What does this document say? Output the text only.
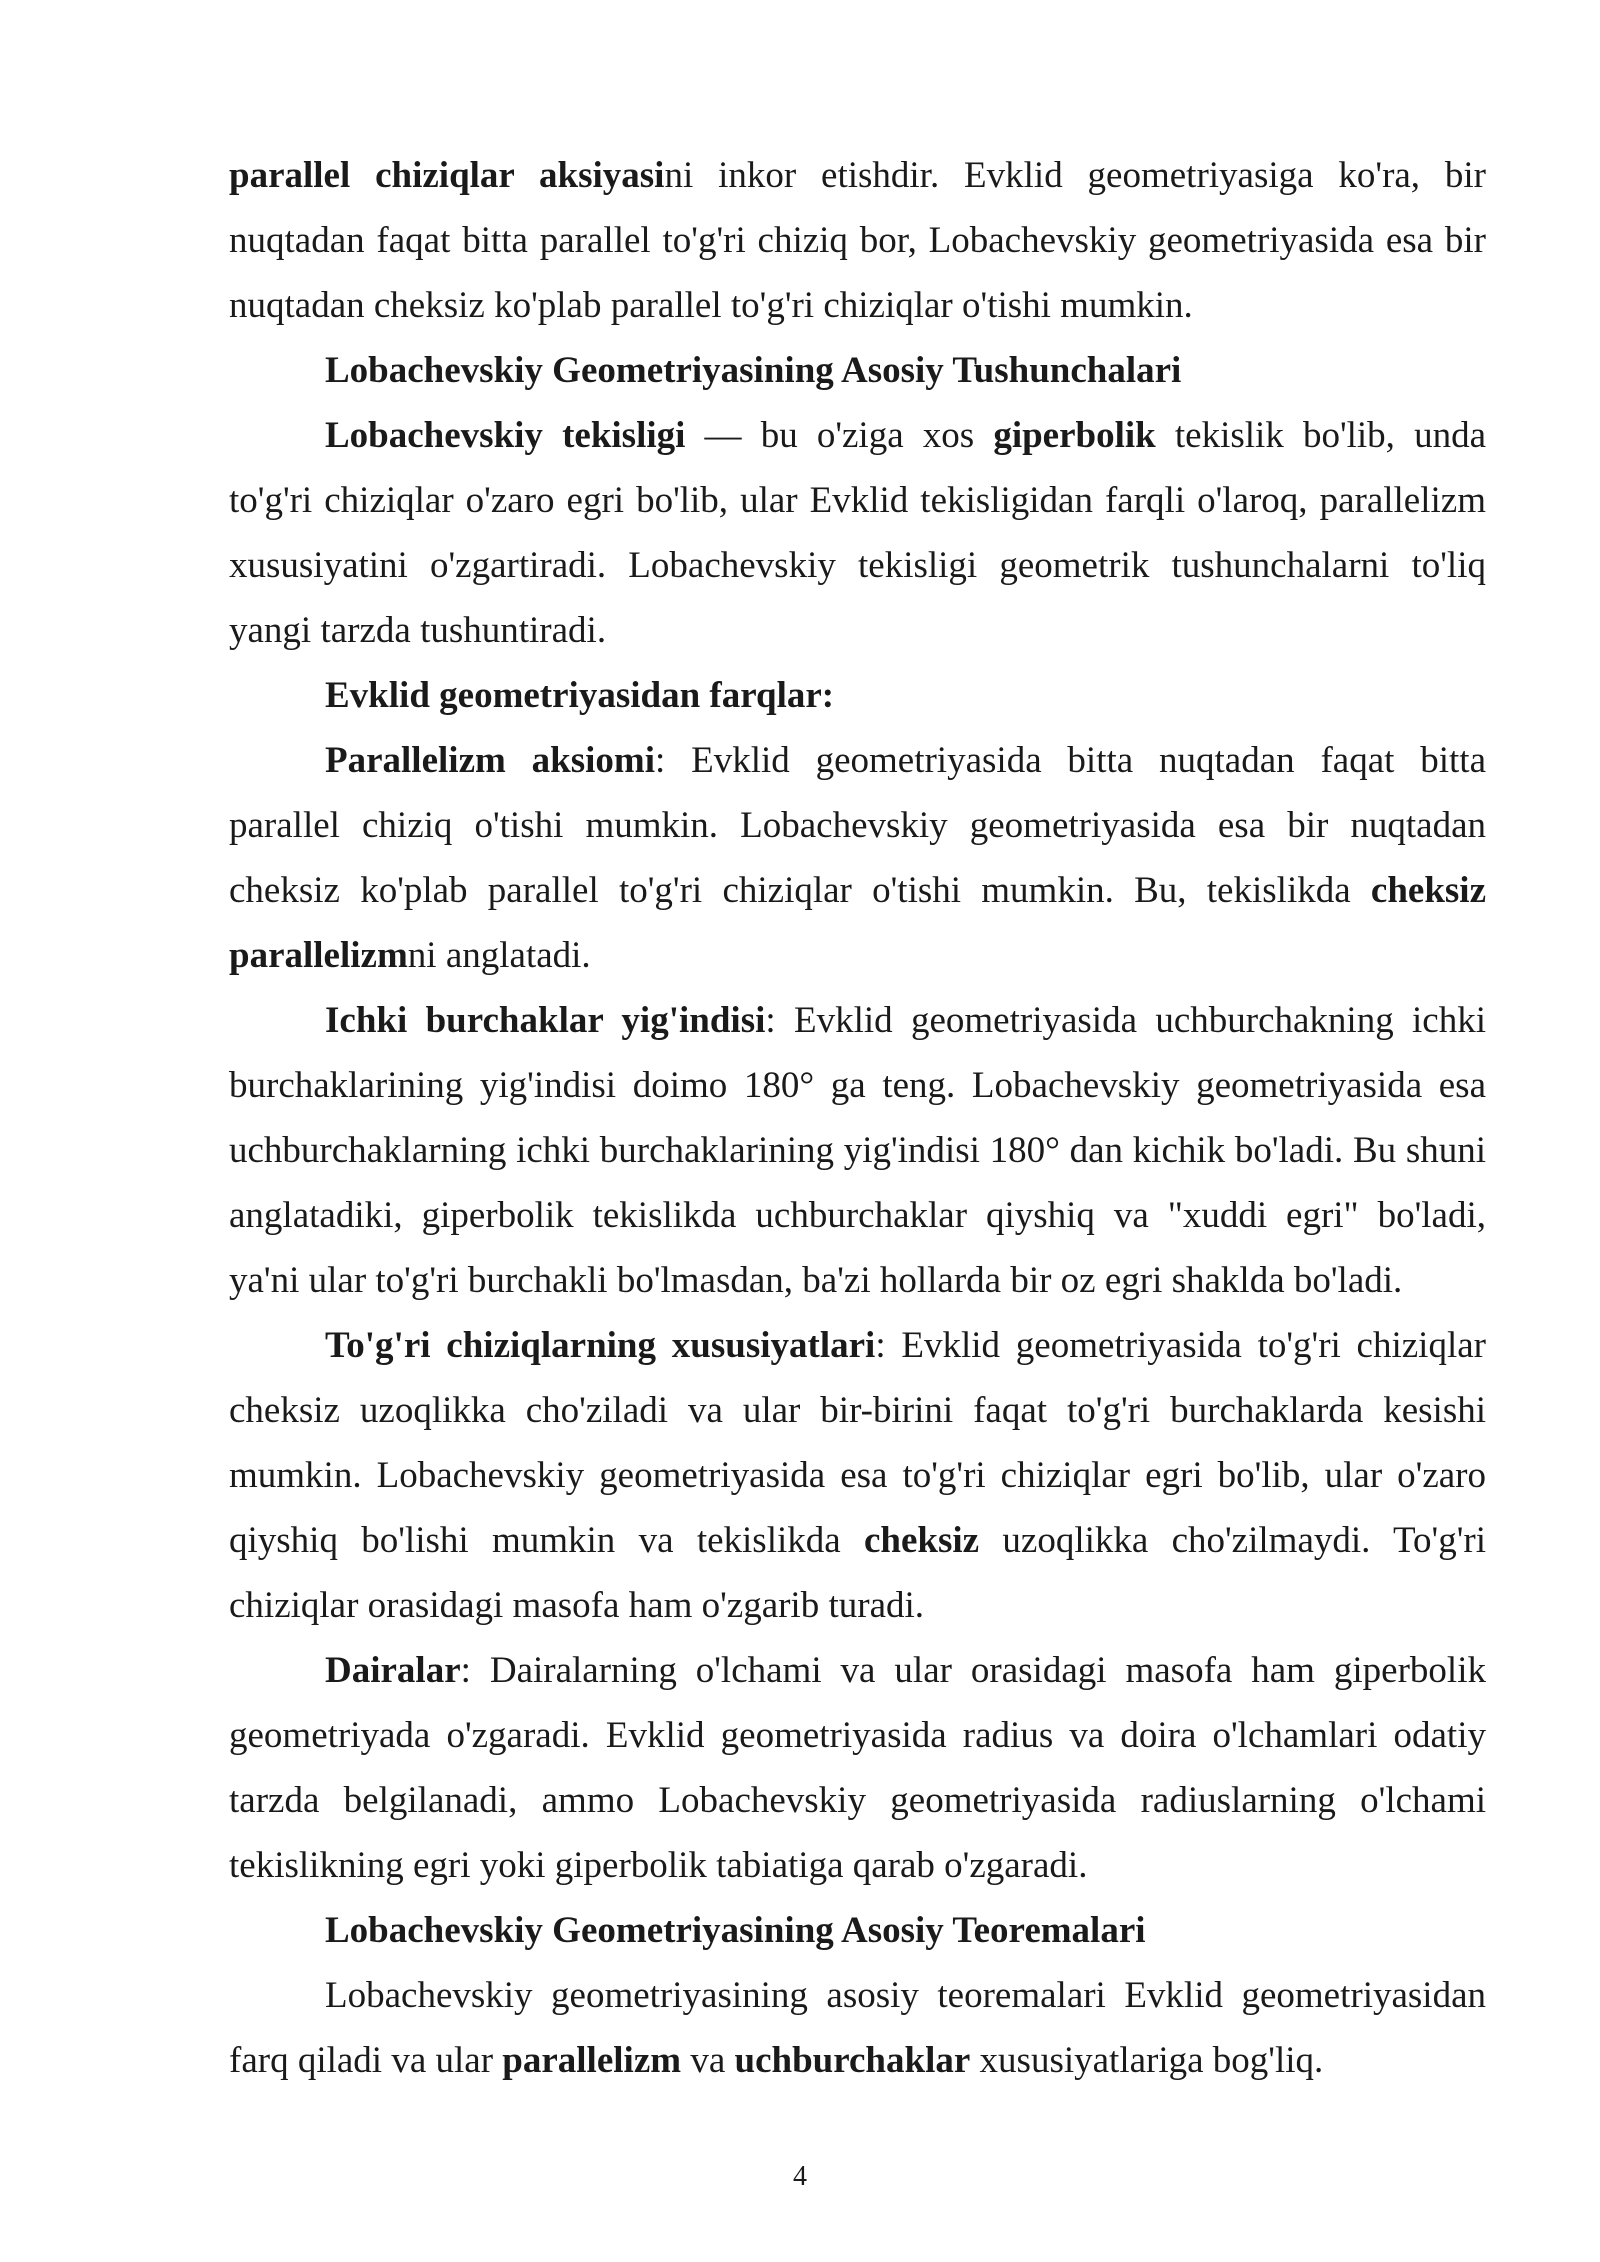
parallel chiziqlar aksiyasini inkor etishdir. Evklid geometriyasiga ko'ra, bir nuqtadan faqat bitta parallel to'g'ri chiziq bor, Lobachevskiy geometriyasida esa bir nuqtadan cheksiz ko'plab parallel to'g'ri chiziqlar o'tishi mumkin.

Lobachevskiy Geometriyasining Asosiy Tushunchalari

Lobachevskiy tekisligi — bu o'ziga xos giperbolik tekislik bo'lib, unda to'g'ri chiziqlar o'zaro egri bo'lib, ular Evklid tekisligidan farqli o'laroq, parallelizm xususiyatini o'zgartiradi. Lobachevskiy tekisligi geometrik tushunchalarni to'liq yangi tarzda tushuntiradi.

Evklid geometriyasidan farqlar:

Parallelizm aksiomi: Evklid geometriyasida bitta nuqtadan faqat bitta parallel chiziq o'tishi mumkin. Lobachevskiy geometriyasida esa bir nuqtadan cheksiz ko'plab parallel to'g'ri chiziqlar o'tishi mumkin. Bu, tekislikda cheksiz parallelizmni anglatadi.

Ichki burchaklar yig'indisi: Evklid geometriyasida uchburchakning ichki burchaklarining yig'indisi doimo 180° ga teng. Lobachevskiy geometriyasida esa uchburchaklarning ichki burchaklarining yig'indisi 180° dan kichik bo'ladi. Bu shuni anglatadiki, giperbolik tekislikda uchburchaklar qiyshiq va "xuddi egri" bo'ladi, ya'ni ular to'g'ri burchakli bo'lmasdan, ba'zi hollarda bir oz egri shaklda bo'ladi.

To'g'ri chiziqlarning xususiyatlari: Evklid geometriyasida to'g'ri chiziqlar cheksiz uzoqlikka cho'ziladi va ular bir-birini faqat to'g'ri burchaklarda kesishi mumkin. Lobachevskiy geometriyasida esa to'g'ri chiziqlar egri bo'lib, ular o'zaro qiyshiq bo'lishi mumkin va tekislikda cheksiz uzoqlikka cho'zilmaydi. To'g'ri chiziqlar orasidagi masofa ham o'zgarib turadi.

Dairalar: Dairalarning o'lchami va ular orasidagi masofa ham giperbolik geometriyada o'zgaradi. Evklid geometriyasida radius va doira o'lchamlari odatiy tarzda belgilanadi, ammo Lobachevskiy geometriyasida radiuslarning o'lchami tekislikning egri yoki giperbolik tabiatiga qarab o'zgaradi.

Lobachevskiy Geometriyasining Asosiy Teoremalari

Lobachevskiy geometriyasining asosiy teoremalari Evklid geometriyasidan farq qiladi va ular parallelizm va uchburchaklar xususiyatlariga bog'liq.

4
